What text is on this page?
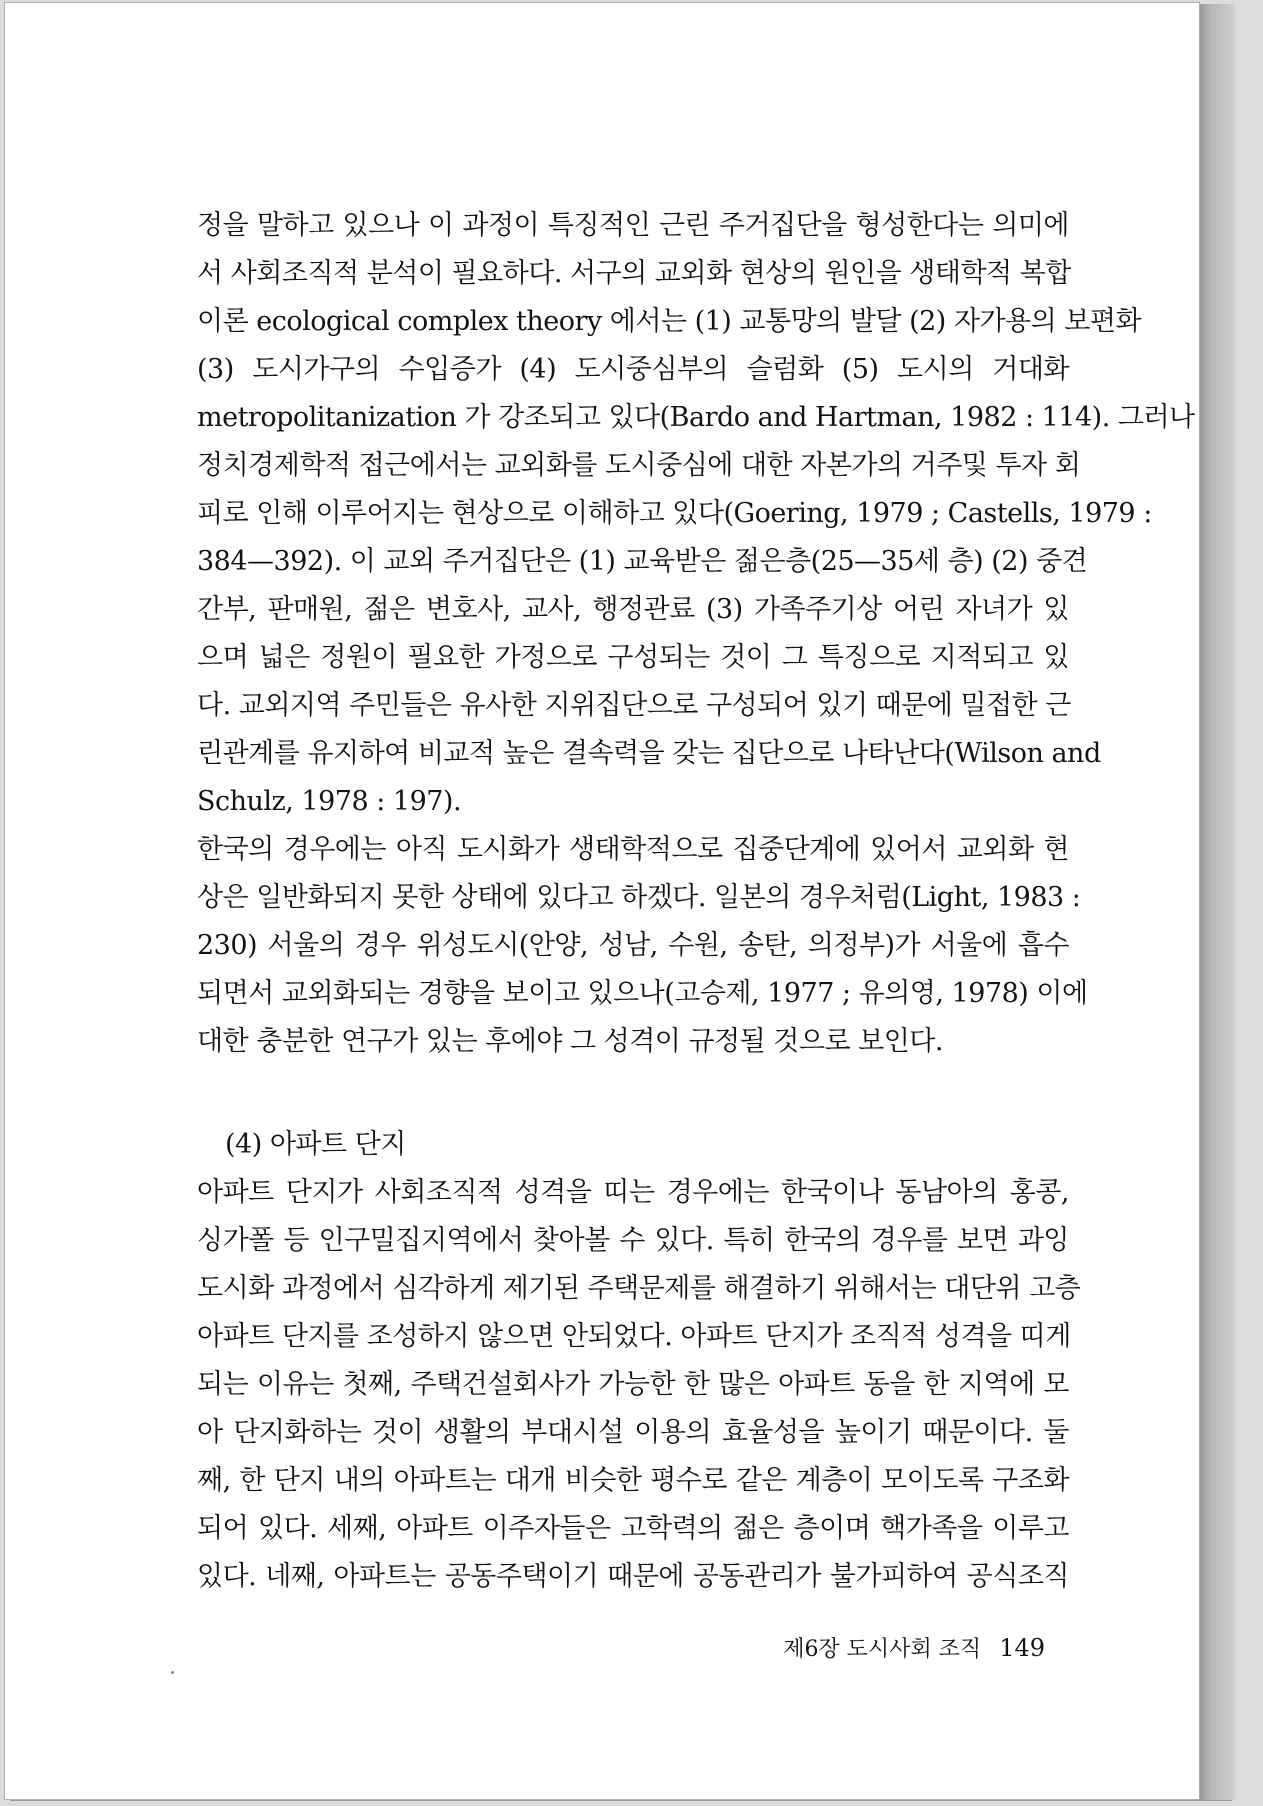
정을 말하고 있으나 이 과정이 특징적인 근린 주거집단을 형성한다는 의미에
서 사회조직적 분석이 필요하다. 서구의 교외화 현상의 원인을 생태학적 복합
이론 ecological complex theory 에서는 (1) 교통망의 발달 (2) 자가용의 보편화
(3) 도시가구의 수입증가 (4) 도시중심부의 슬럼화 (5) 도시의 거대화
metropolitanization 가 강조되고 있다(Bardo and Hartman, 1982 : 114). 그러나
정치경제학적 접근에서는 교외화를 도시중심에 대한 자본가의 거주및 투자 회
피로 인해 이루어지는 현상으로 이해하고 있다(Goering, 1979 ; Castells, 1979 :
384—392). 이 교외 주거집단은 (1) 교육받은 젊은층(25—35세 층) (2) 중견
간부, 판매원, 젊은 변호사, 교사, 행정관료 (3) 가족주기상 어린 자녀가 있
으며 넓은 정원이 필요한 가정으로 구성되는 것이 그 특징으로 지적되고 있
다. 교외지역 주민들은 유사한 지위집단으로 구성되어 있기 때문에 밀접한 근
린관계를 유지하여 비교적 높은 결속력을 갖는 집단으로 나타난다(Wilson and
Schulz, 1978 : 197).
한국의 경우에는 아직 도시화가 생태학적으로 집중단계에 있어서 교외화 현
상은 일반화되지 못한 상태에 있다고 하겠다. 일본의 경우처럼(Light, 1983 :
230) 서울의 경우 위성도시(안양, 성남, 수원, 송탄, 의정부)가 서울에 흡수
되면서 교외화되는 경향을 보이고 있으나(고승제, 1977 ; 유의영, 1978) 이에
대한 충분한 연구가 있는 후에야 그 성격이 규정될 것으로 보인다.
(4) 아파트 단지
아파트 단지가 사회조직적 성격을 띠는 경우에는 한국이나 동남아의 홍콩,
싱가폴 등 인구밀집지역에서 찾아볼 수 있다. 특히 한국의 경우를 보면 과잉
도시화 과정에서 심각하게 제기된 주택문제를 해결하기 위해서는 대단위 고층
아파트 단지를 조성하지 않으면 안되었다. 아파트 단지가 조직적 성격을 띠게
되는 이유는 첫째, 주택건설회사가 가능한 한 많은 아파트 동을 한 지역에 모
아 단지화하는 것이 생활의 부대시설 이용의 효율성을 높이기 때문이다. 둘
째, 한 단지 내의 아파트는 대개 비슷한 평수로 같은 계층이 모이도록 구조화
되어 있다. 세째, 아파트 이주자들은 고학력의 젊은 층이며 핵가족을 이루고
있다. 네째, 아파트는 공동주택이기 때문에 공동관리가 불가피하여 공식조직
제6장 도시사회 조직 149
